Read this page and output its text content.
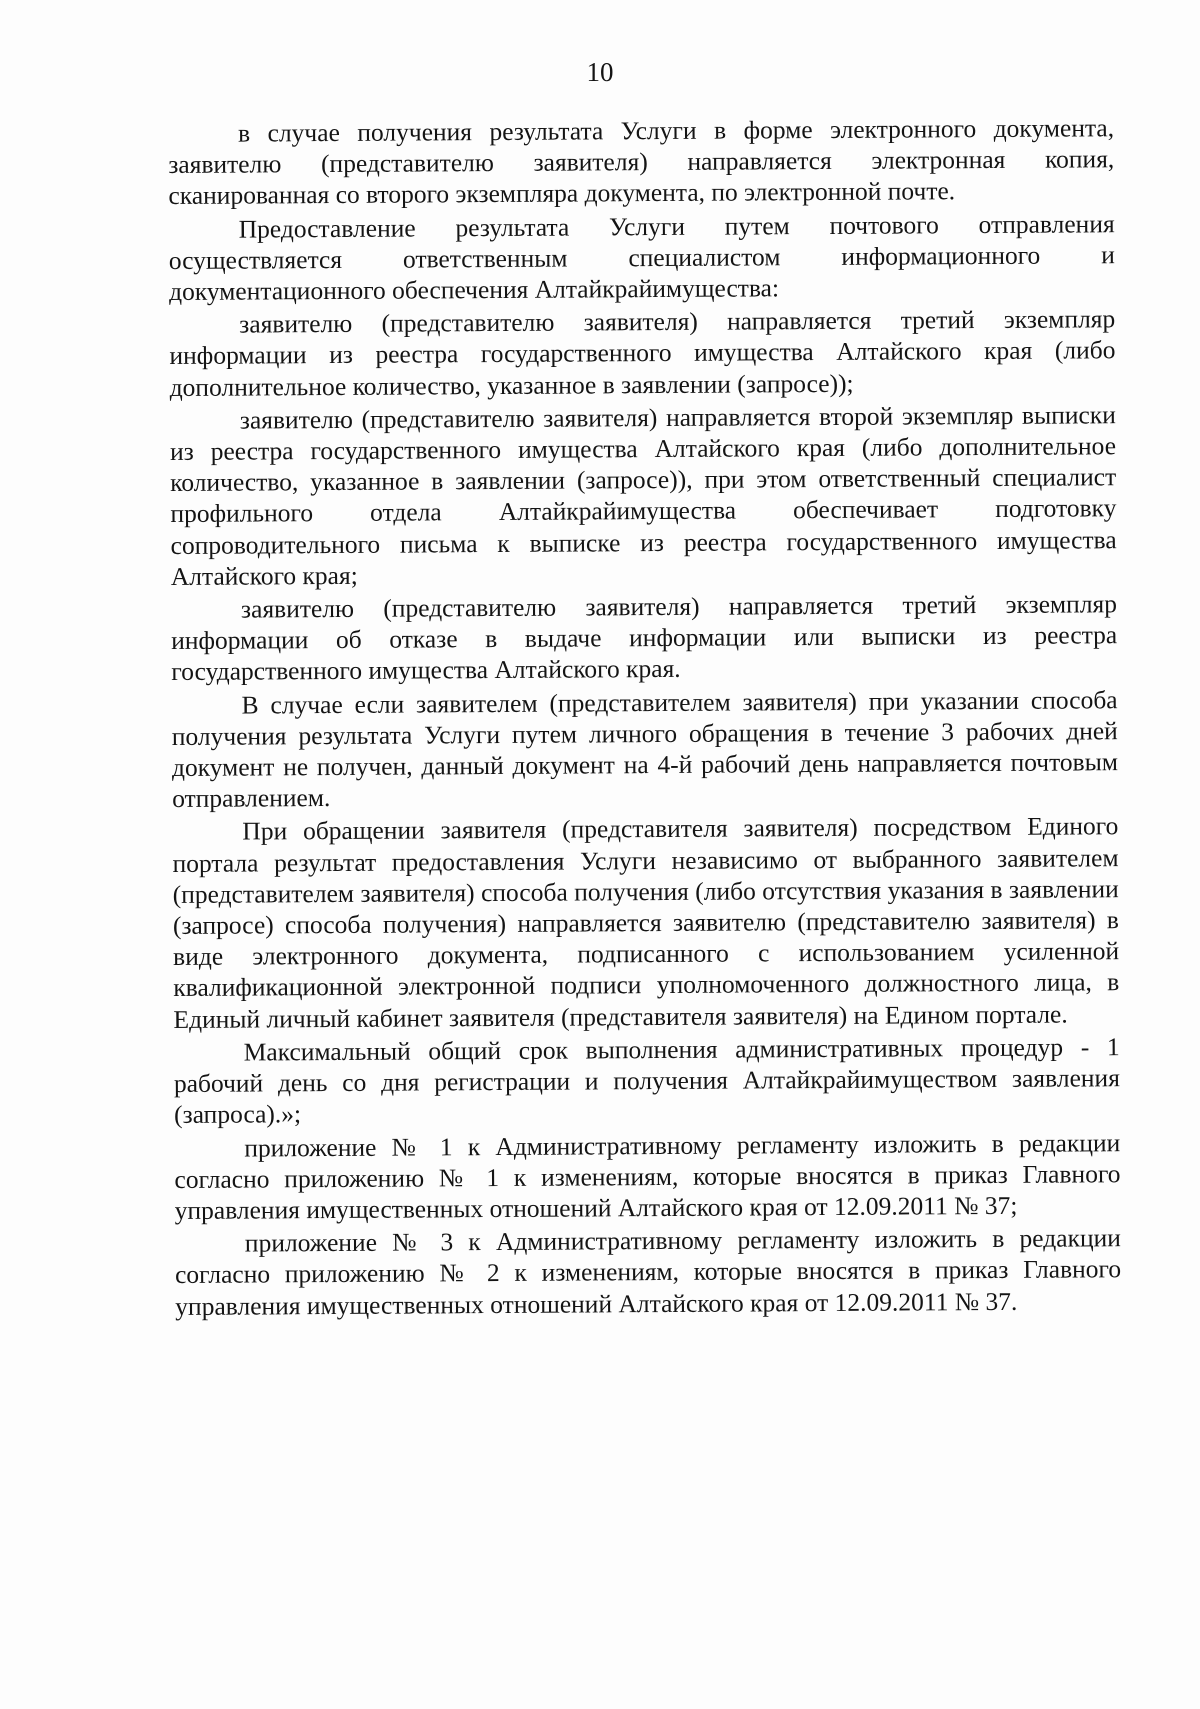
10

в случае получения результата Услуги в форме электронного документа, заявителю (представителю заявителя) направляется электронная копия, сканированная со второго экземпляра документа, по электронной почте.

Предоставление результата Услуги путем почтового отправления осуществляется ответственным специалистом информационного и документационного обеспечения Алтайкрайимущества:

заявителю (представителю заявителя) направляется третий экземпляр информации из реестра государственного имущества Алтайского края (либо дополнительное количество, указанное в заявлении (запросе));

заявителю (представителю заявителя) направляется второй экземпляр выписки из реестра государственного имущества Алтайского края (либо дополнительное количество, указанное в заявлении (запросе)), при этом ответственный специалист профильного отдела Алтайкрайимущества обеспечивает подготовку сопроводительного письма к выписке из реестра государственного имущества Алтайского края;

заявителю (представителю заявителя) направляется третий экземпляр информации об отказе в выдаче информации или выписки из реестра государственного имущества Алтайского края.

В случае если заявителем (представителем заявителя) при указании способа получения результата Услуги путем личного обращения в течение 3 рабочих дней документ не получен, данный документ на 4-й рабочий день направляется почтовым отправлением.

При обращении заявителя (представителя заявителя) посредством Единого портала результат предоставления Услуги независимо от выбранного заявителем (представителем заявителя) способа получения (либо отсутствия указания в заявлении (запросе) способа получения) направляется заявителю (представителю заявителя) в виде электронного документа, подписанного с использованием усиленной квалификационной электронной подписи уполномоченного должностного лица, в Единый личный кабинет заявителя (представителя заявителя) на Едином портале.

Максимальный общий срок выполнения административных процедур - 1 рабочий день со дня регистрации и получения Алтайкрайимуществом заявления (запроса).»;

приложение № 1 к Административному регламенту изложить в редакции согласно приложению № 1 к изменениям, которые вносятся в приказ Главного управления имущественных отношений Алтайского края от 12.09.2011 № 37;

приложение № 3 к Административному регламенту изложить в редакции согласно приложению № 2 к изменениям, которые вносятся в приказ Главного управления имущественных отношений Алтайского края от 12.09.2011 № 37.
